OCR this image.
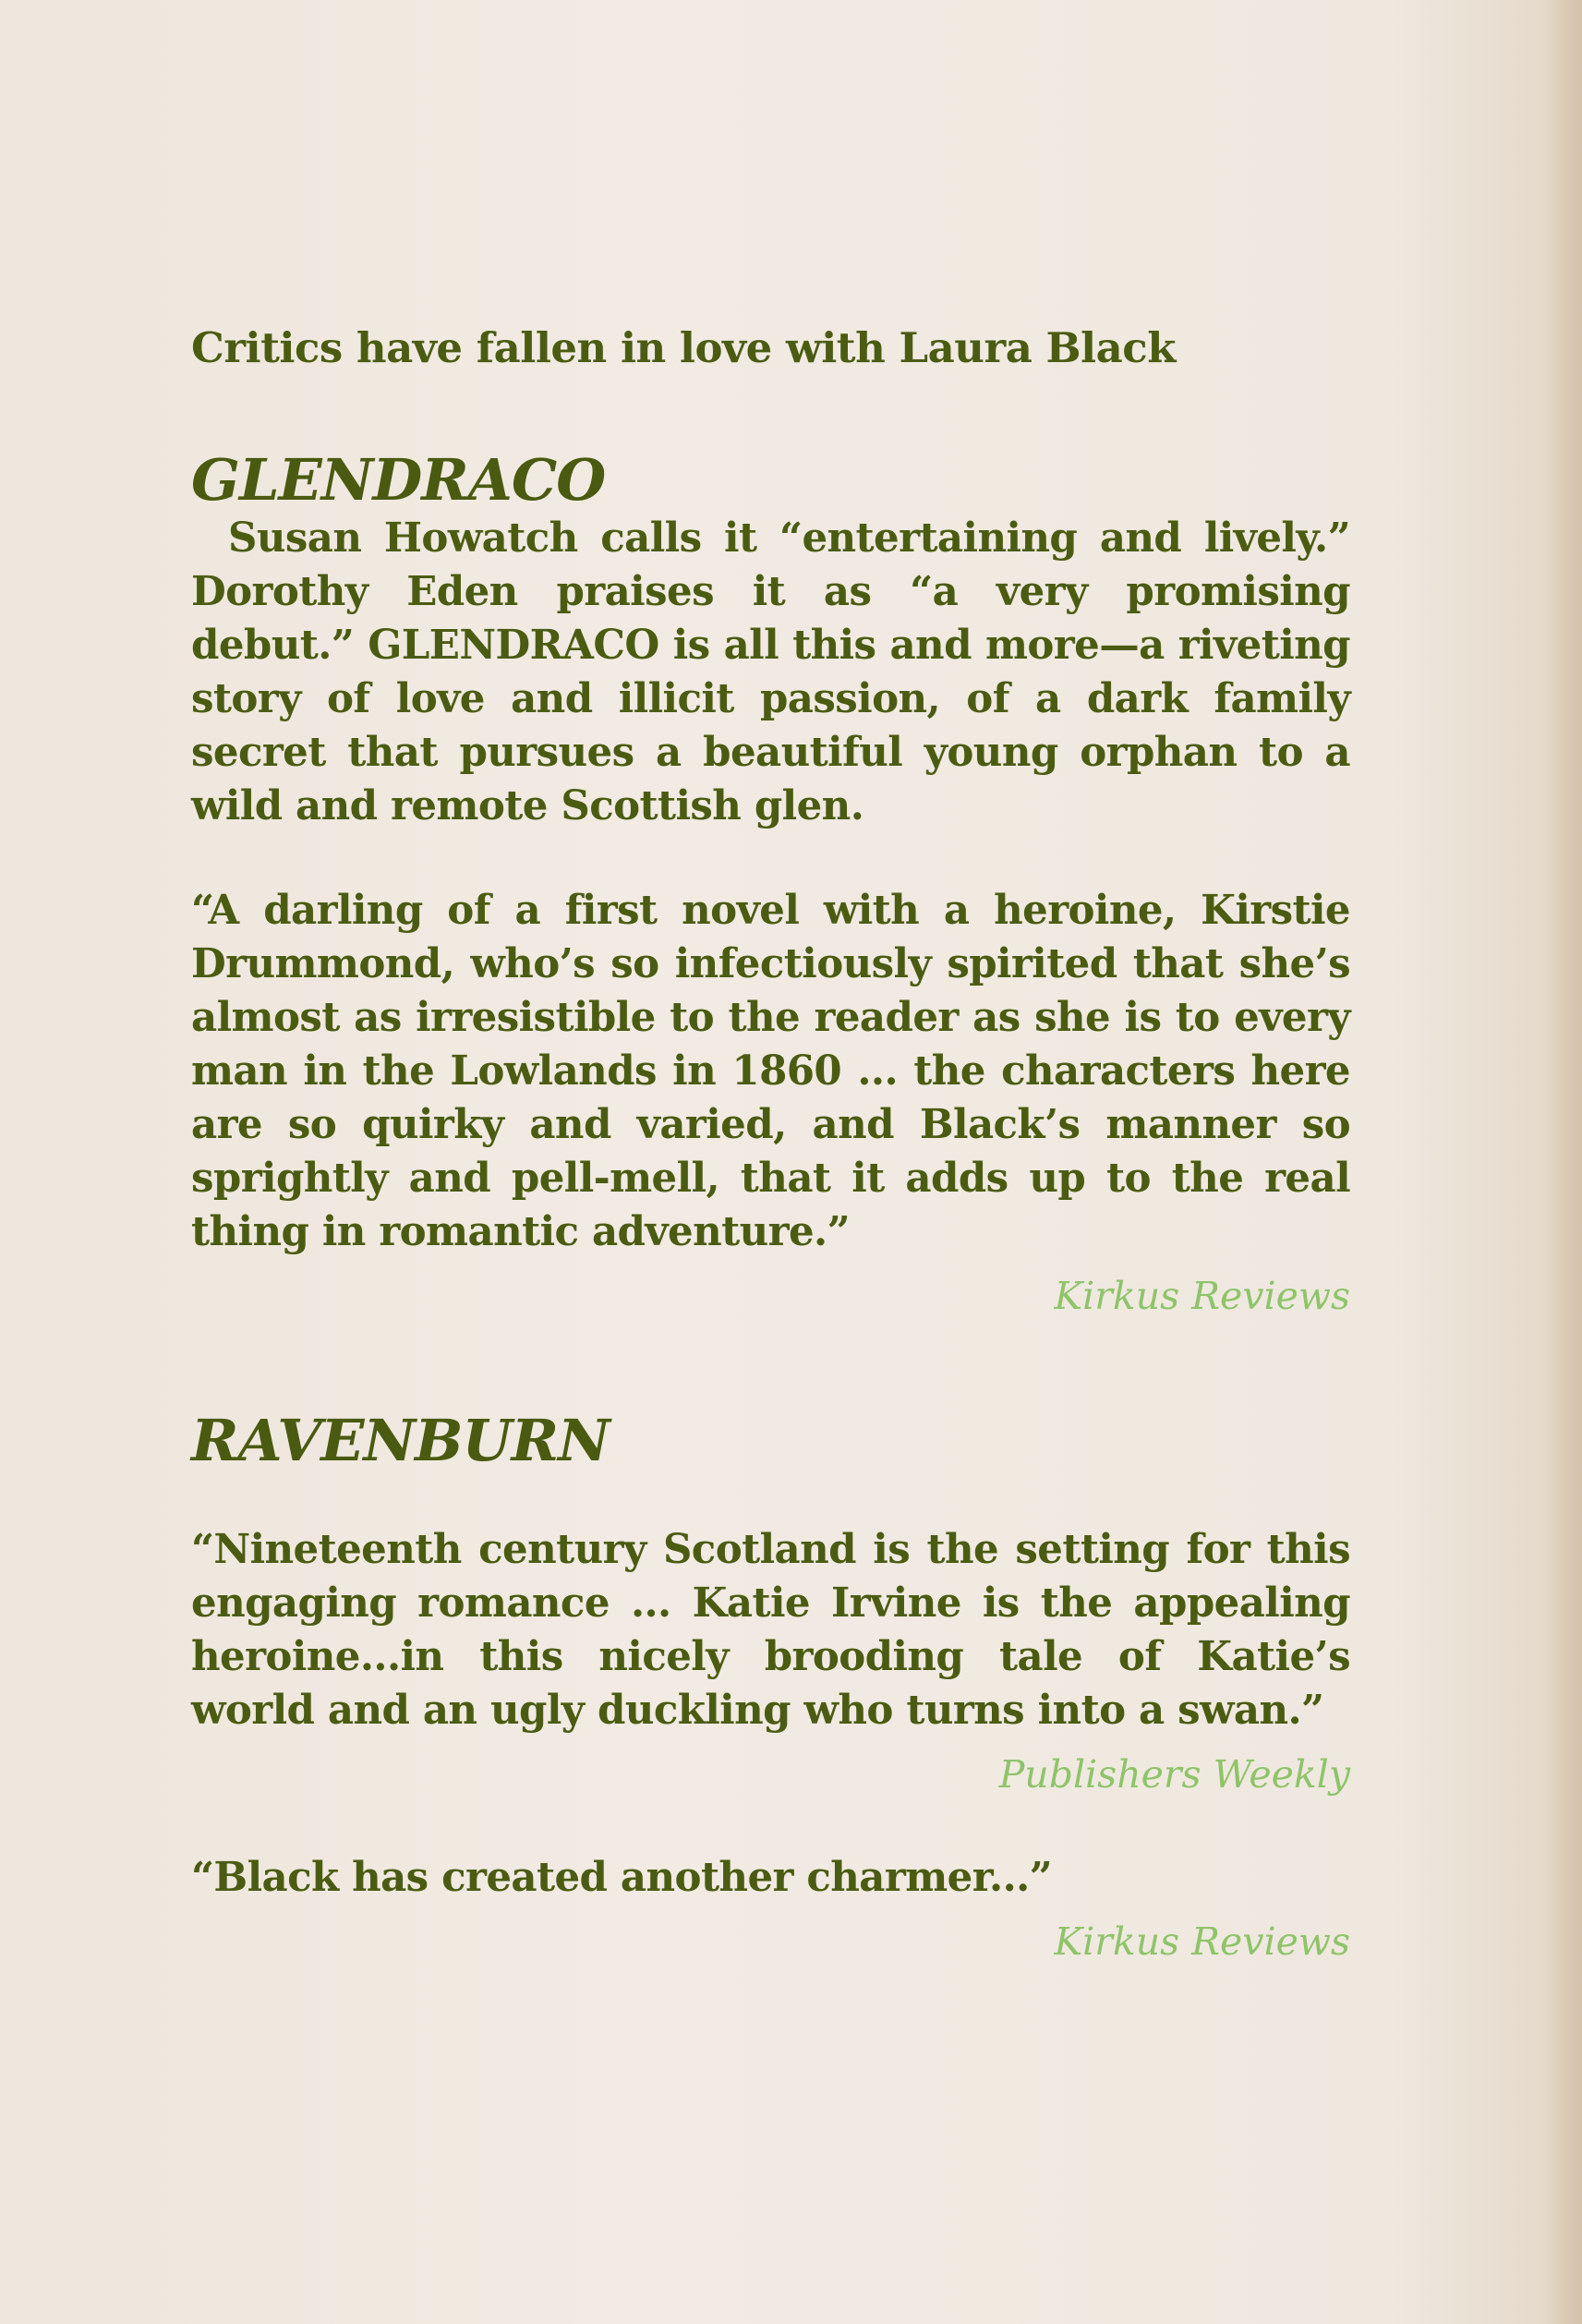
Critics have fallen in love with Laura Black

GLENDRACO

Susan Howatch calls it “entertaining and lively.” Dorothy Eden praises it as “a very promising debut.” GLENDRACO is all this and more—a riveting story of love and illicit passion, of a dark family secret that pursues a beautiful young orphan to a wild and remote Scottish glen.

“A darling of a first novel with a heroine, Kirstie Drummond, who’s so infectiously spirited that she’s almost as irresistible to the reader as she is to every man in the Lowlands in 1860 ... the characters here are so quirky and varied, and Black’s manner so sprightly and pell-mell, that it adds up to the real thing in romantic adventure.”

Kirkus Reviews

RAVENBURN

“Nineteenth century Scotland is the setting for this engaging romance ... Katie Irvine is the appealing heroine...in this nicely brooding tale of Katie’s world and an ugly duckling who turns into a swan.”

Publishers Weekly

“Black has created another charmer...”

Kirkus Reviews
